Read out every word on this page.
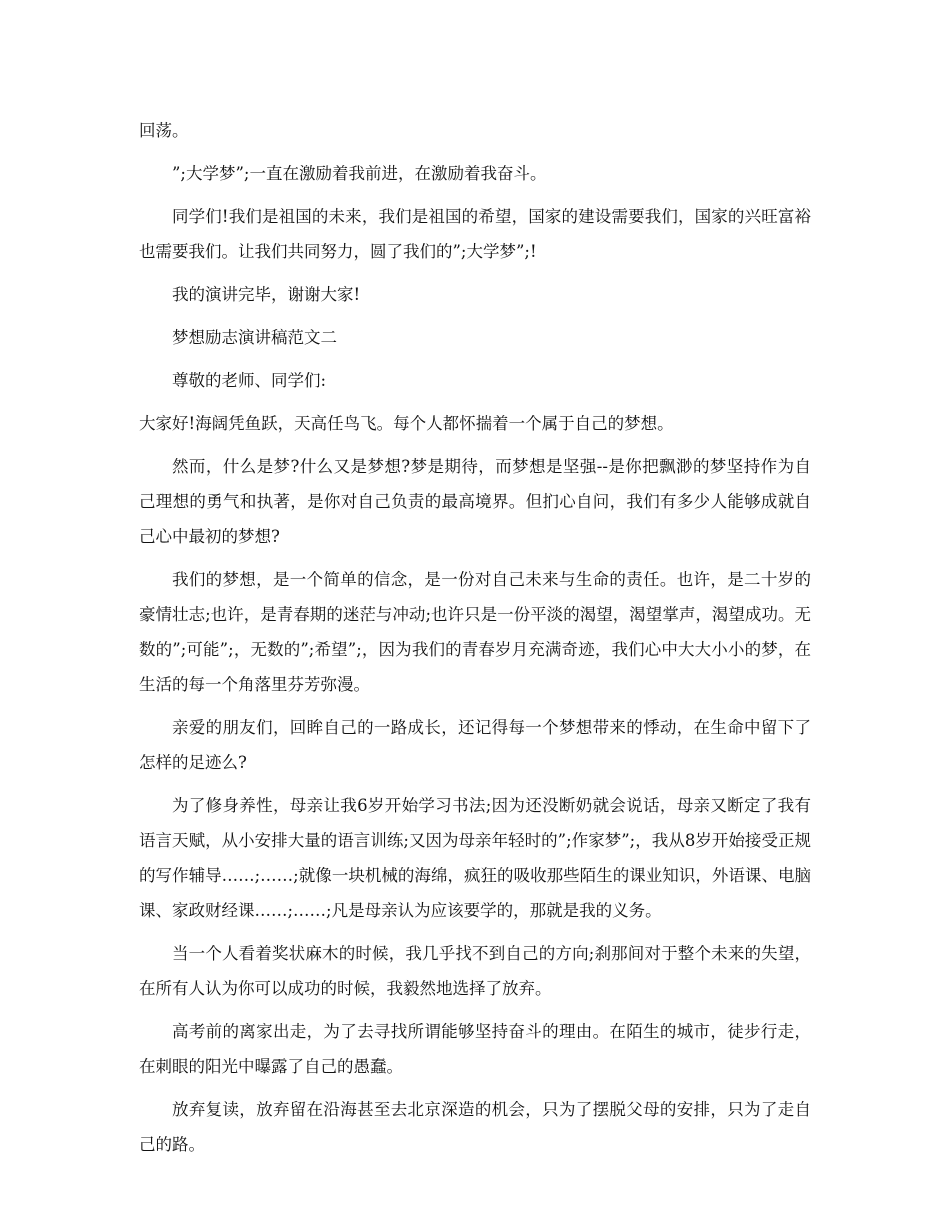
回荡。

”;大学梦”;一直在激励着我前进，在激励着我奋斗。

同学们!我们是祖国的未来，我们是祖国的希望，国家的建设需要我们，国家的兴旺富裕也需要我们。让我们共同努力，圆了我们的”;大学梦”;!

我的演讲完毕，谢谢大家!

梦想励志演讲稿范文二

尊敬的老师、同学们:

大家好!海阔凭鱼跃，天高任鸟飞。每个人都怀揣着一个属于自己的梦想。

然而，什么是梦?什么又是梦想?梦是期待，而梦想是坚强--是你把飘渺的梦坚持作为自己理想的勇气和执著，是你对自己负责的最高境界。但扪心自问，我们有多少人能够成就自己心中最初的梦想?

我们的梦想，是一个简单的信念，是一份对自己未来与生命的责任。也许，是二十岁的豪情壮志;也许，是青春期的迷茫与冲动;也许只是一份平淡的渴望，渴望掌声，渴望成功。无数的”;可能”;，无数的”;希望”;，因为我们的青春岁月充满奇迹，我们心中大大小小的梦，在生活的每一个角落里芬芳弥漫。

亲爱的朋友们，回眸自己的一路成长，还记得每一个梦想带来的悸动，在生命中留下了怎样的足迹么?

为了修身养性，母亲让我6岁开始学习书法;因为还没断奶就会说话，母亲又断定了我有语言天赋，从小安排大量的语言训练;又因为母亲年轻时的”;作家梦”;，我从8岁开始接受正规的写作辅导……;……;就像一块机械的海绵，疯狂的吸收那些陌生的课业知识，外语课、电脑课、家政财经课……;……;凡是母亲认为应该要学的，那就是我的义务。

当一个人看着奖状麻木的时候，我几乎找不到自己的方向;刹那间对于整个未来的失望，在所有人认为你可以成功的时候，我毅然地选择了放弃。

高考前的离家出走，为了去寻找所谓能够坚持奋斗的理由。在陌生的城市，徒步行走，在刺眼的阳光中曝露了自己的愚蠢。

放弃复读，放弃留在沿海甚至去北京深造的机会，只为了摆脱父母的安排，只为了走自己的路。
